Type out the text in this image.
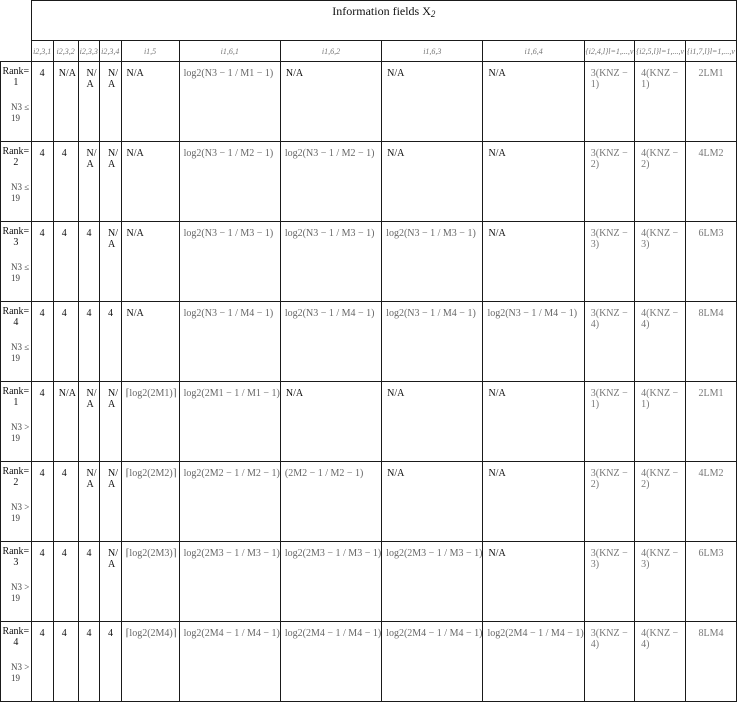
	Information fields X2											
	i2,3,1	i2,3,2	i2,3,3	i2,3,4	i1,5	i1,6,1	i1,6,2	i1,6,3	i1,6,4	{i2,4,l}l=1,...,v	{i2,5,l}l=1,...,v	{i1,7,l}l=1,...,v
Rank=
1
N3 ≤ 19	4	N/A	N/ A	N/ A	N/A	log2(N3 − 1 / M1 − 1)	N/A	N/A	N/A	3(KNZ − 1)	4(KNZ − 1)	2LM1
Rank=
2
N3 ≤ 19	4	4	N/ A	N/ A	N/A	log2(N3 − 1 / M2 − 1)	log2(N3 − 1 / M2 − 1)	N/A	N/A	3(KNZ − 2)	4(KNZ − 2)	4LM2
Rank=
3
N3 ≤ 19	4	4	4	N/ A	N/A	log2(N3 − 1 / M3 − 1)	log2(N3 − 1 / M3 − 1)	log2(N3 − 1 / M3 − 1)	N/A	3(KNZ − 3)	4(KNZ − 3)	6LM3
Rank=
4
N3 ≤ 19	4	4	4	4	N/A	log2(N3 − 1 / M4 − 1)	log2(N3 − 1 / M4 − 1)	log2(N3 − 1 / M4 − 1)	log2(N3 − 1 / M4 − 1)	3(KNZ − 4)	4(KNZ − 4)	8LM4
Rank=
1
N3 > 19	4	N/A	N/ A	N/ A	⌈log2(2M1)⌉	log2(2M1 − 1 / M1 − 1)	N/A	N/A	N/A	3(KNZ − 1)	4(KNZ − 1)	2LM1
Rank=
2
N3 > 19	4	4	N/ A	N/ A	⌈log2(2M2)⌉	log2(2M2 − 1 / M2 − 1)	(2M2 − 1 / M2 − 1)	N/A	N/A	3(KNZ − 2)	4(KNZ − 2)	4LM2
Rank=
3
N3 > 19	4	4	4	N/ A	⌈log2(2M3)⌉	log2(2M3 − 1 / M3 − 1)	log2(2M3 − 1 / M3 − 1)	log2(2M3 − 1 / M3 − 1)	N/A	3(KNZ − 3)	4(KNZ − 3)	6LM3
Rank=
4
N3 > 19	4	4	4	4	⌈log2(2M4)⌉	log2(2M4 − 1 / M4 − 1)	log2(2M4 − 1 / M4 − 1)	log2(2M4 − 1 / M4 − 1)	log2(2M4 − 1 / M4 − 1)	3(KNZ − 4)	4(KNZ − 4)	8LM4
